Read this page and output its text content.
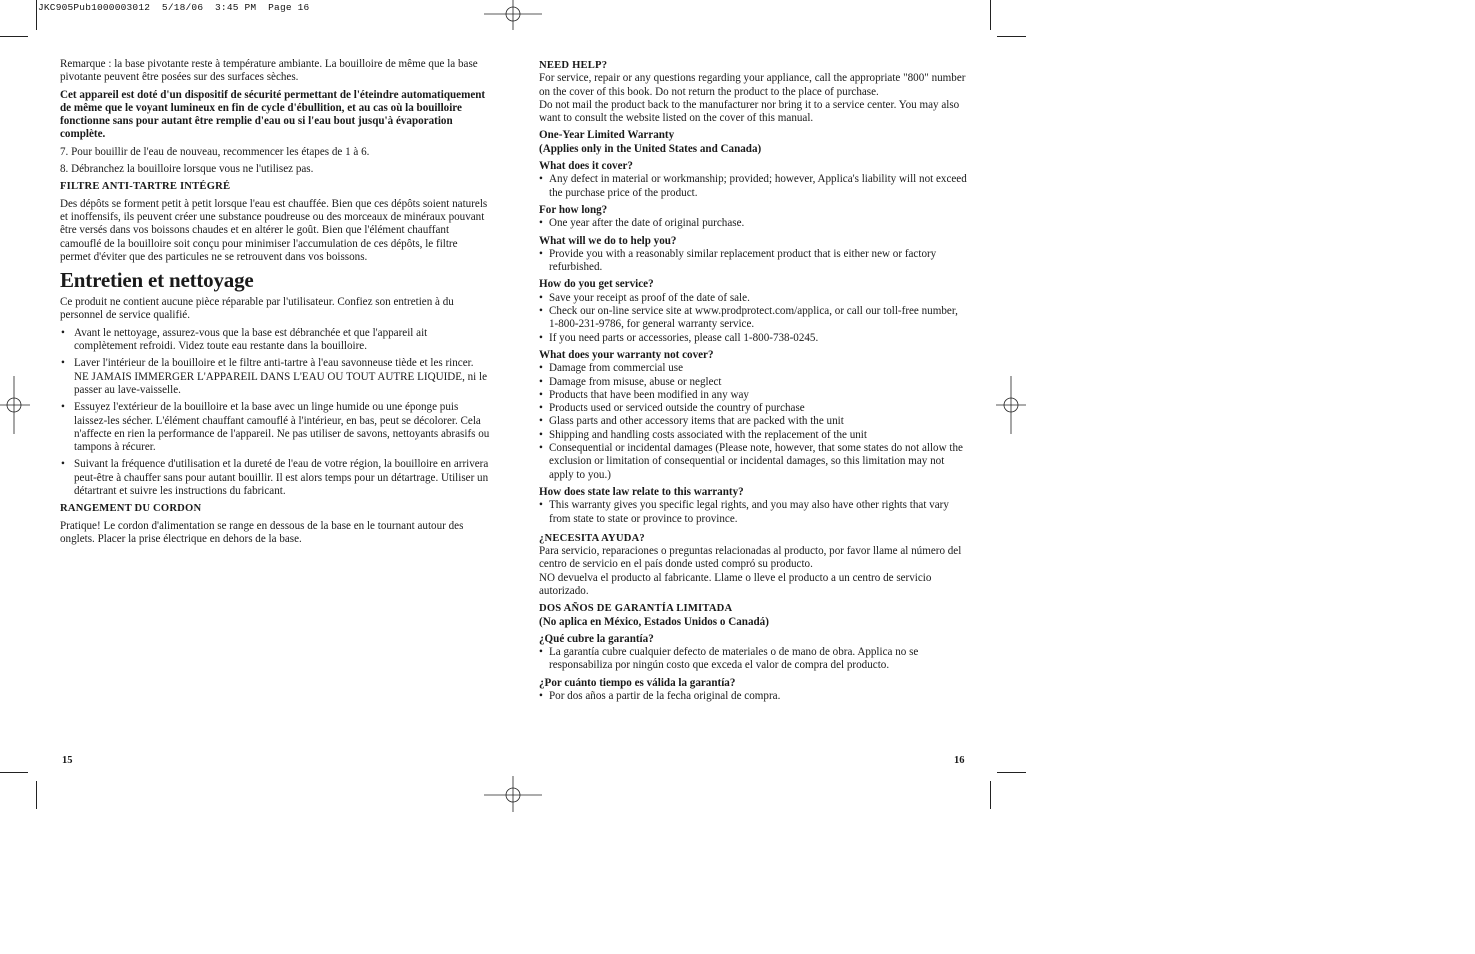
JKC905Pub1000003012  5/18/06  3:45 PM  Page 16

Remarque : la base pivotante reste à température ambiante. La bouilloire de même que la base pivotante peuvent être posées sur des surfaces sèches.

Cet appareil est doté d'un dispositif de sécurité permettant de l'éteindre automatiquement de même que le voyant lumineux en fin de cycle d'ébullition, et au cas où la bouilloire fonctionne sans pour autant être remplie d'eau ou si l'eau bout jusqu'à évaporation complète.

7. Pour bouillir de l'eau de nouveau, recommencer les étapes de 1 à 6.

8. Débranchez la bouilloire lorsque vous ne l'utilisez pas.

FILTRE ANTI-TARTRE INTÉGRÉ

Des dépôts se forment petit à petit lorsque l'eau est chauffée. Bien que ces dépôts soient naturels et inoffensifs, ils peuvent créer une substance poudreuse ou des morceaux de minéraux pouvant être versés dans vos boissons chaudes et en altérer le goût. Bien que l'élément chauffant camouflé de la bouilloire soit conçu pour minimiser l'accumulation de ces dépôts, le filtre permet d'éviter que des particules ne se retrouvent dans vos boissons.

Entretien et nettoyage

Ce produit ne contient aucune pièce réparable par l'utilisateur. Confiez son entretien à du personnel de service qualifié.

• Avant le nettoyage, assurez-vous que la base est débranchée et que l'appareil ait complètement refroidi. Videz toute eau restante dans la bouilloire.
• Laver l'intérieur de la bouilloire et le filtre anti-tartre à l'eau savonneuse tiède et les rincer. NE JAMAIS IMMERGER L'APPAREIL DANS L'EAU OU TOUT AUTRE LIQUIDE, ni le passer au lave-vaisselle.
• Essuyez l'extérieur de la bouilloire et la base avec un linge humide ou une éponge puis laissez-les sécher. L'élément chauffant camouflé à l'intérieur, en bas, peut se décolorer. Cela n'affecte en rien la performance de l'appareil. Ne pas utiliser de savons, nettoyants abrasifs ou tampons à récurer.
• Suivant la fréquence d'utilisation et la dureté de l'eau de votre région, la bouilloire en arrivera peut-être à chauffer sans pour autant bouillir. Il est alors temps pour un détartrage. Utiliser un détartrant et suivre les instructions du fabricant.

RANGEMENT DU CORDON

Pratique! Le cordon d'alimentation se range en dessous de la base en le tournant autour des onglets. Placer la prise électrique en dehors de la base.

15

NEED HELP?

For service, repair or any questions regarding your appliance, call the appropriate "800" number on the cover of this book. Do not return the product to the place of purchase.

Do not mail the product back to the manufacturer nor bring it to a service center. You may also want to consult the website listed on the cover of this manual.

One-Year Limited Warranty

(Applies only in the United States and Canada)

What does it cover?

• Any defect in material or workmanship; provided; however, Applica's liability will not exceed the purchase price of the product.

For how long?

• One year after the date of original purchase.

What will we do to help you?

• Provide you with a reasonably similar replacement product that is either new or factory refurbished.

How do you get service?

• Save your receipt as proof of the date of sale.
• Check our on-line service site at www.prodprotect.com/applica, or call our toll-free number, 1-800-231-9786, for general warranty service.
• If you need parts or accessories, please call 1-800-738-0245.

What does your warranty not cover?

• Damage from commercial use
• Damage from misuse, abuse or neglect
• Products that have been modified in any way
• Products used or serviced outside the country of purchase
• Glass parts and other accessory items that are packed with the unit
• Shipping and handling costs associated with the replacement of the unit
• Consequential or incidental damages (Please note, however, that some states do not allow the exclusion or limitation of consequential or incidental damages, so this limitation may not apply to you.)

How does state law relate to this warranty?

• This warranty gives you specific legal rights, and you may also have other rights that vary from state to state or province to province.

¿NECESITA AYUDA?

Para servicio, reparaciones o preguntas relacionadas al producto, por favor llame al número del centro de servicio en el país donde usted compró su producto.

NO devuelva el producto al fabricante. Llame o lleve el producto a un centro de servicio autorizado.

DOS AÑOS DE GARANTÍA LIMITADA

(No aplica en México, Estados Unidos o Canadá)

¿Qué cubre la garantía?

• La garantía cubre cualquier defecto de materiales o de mano de obra. Applica no se responsabiliza por ningún costo que exceda el valor de compra del producto.

¿Por cuánto tiempo es válida la garantía?

• Por dos años a partir de la fecha original de compra.
16
